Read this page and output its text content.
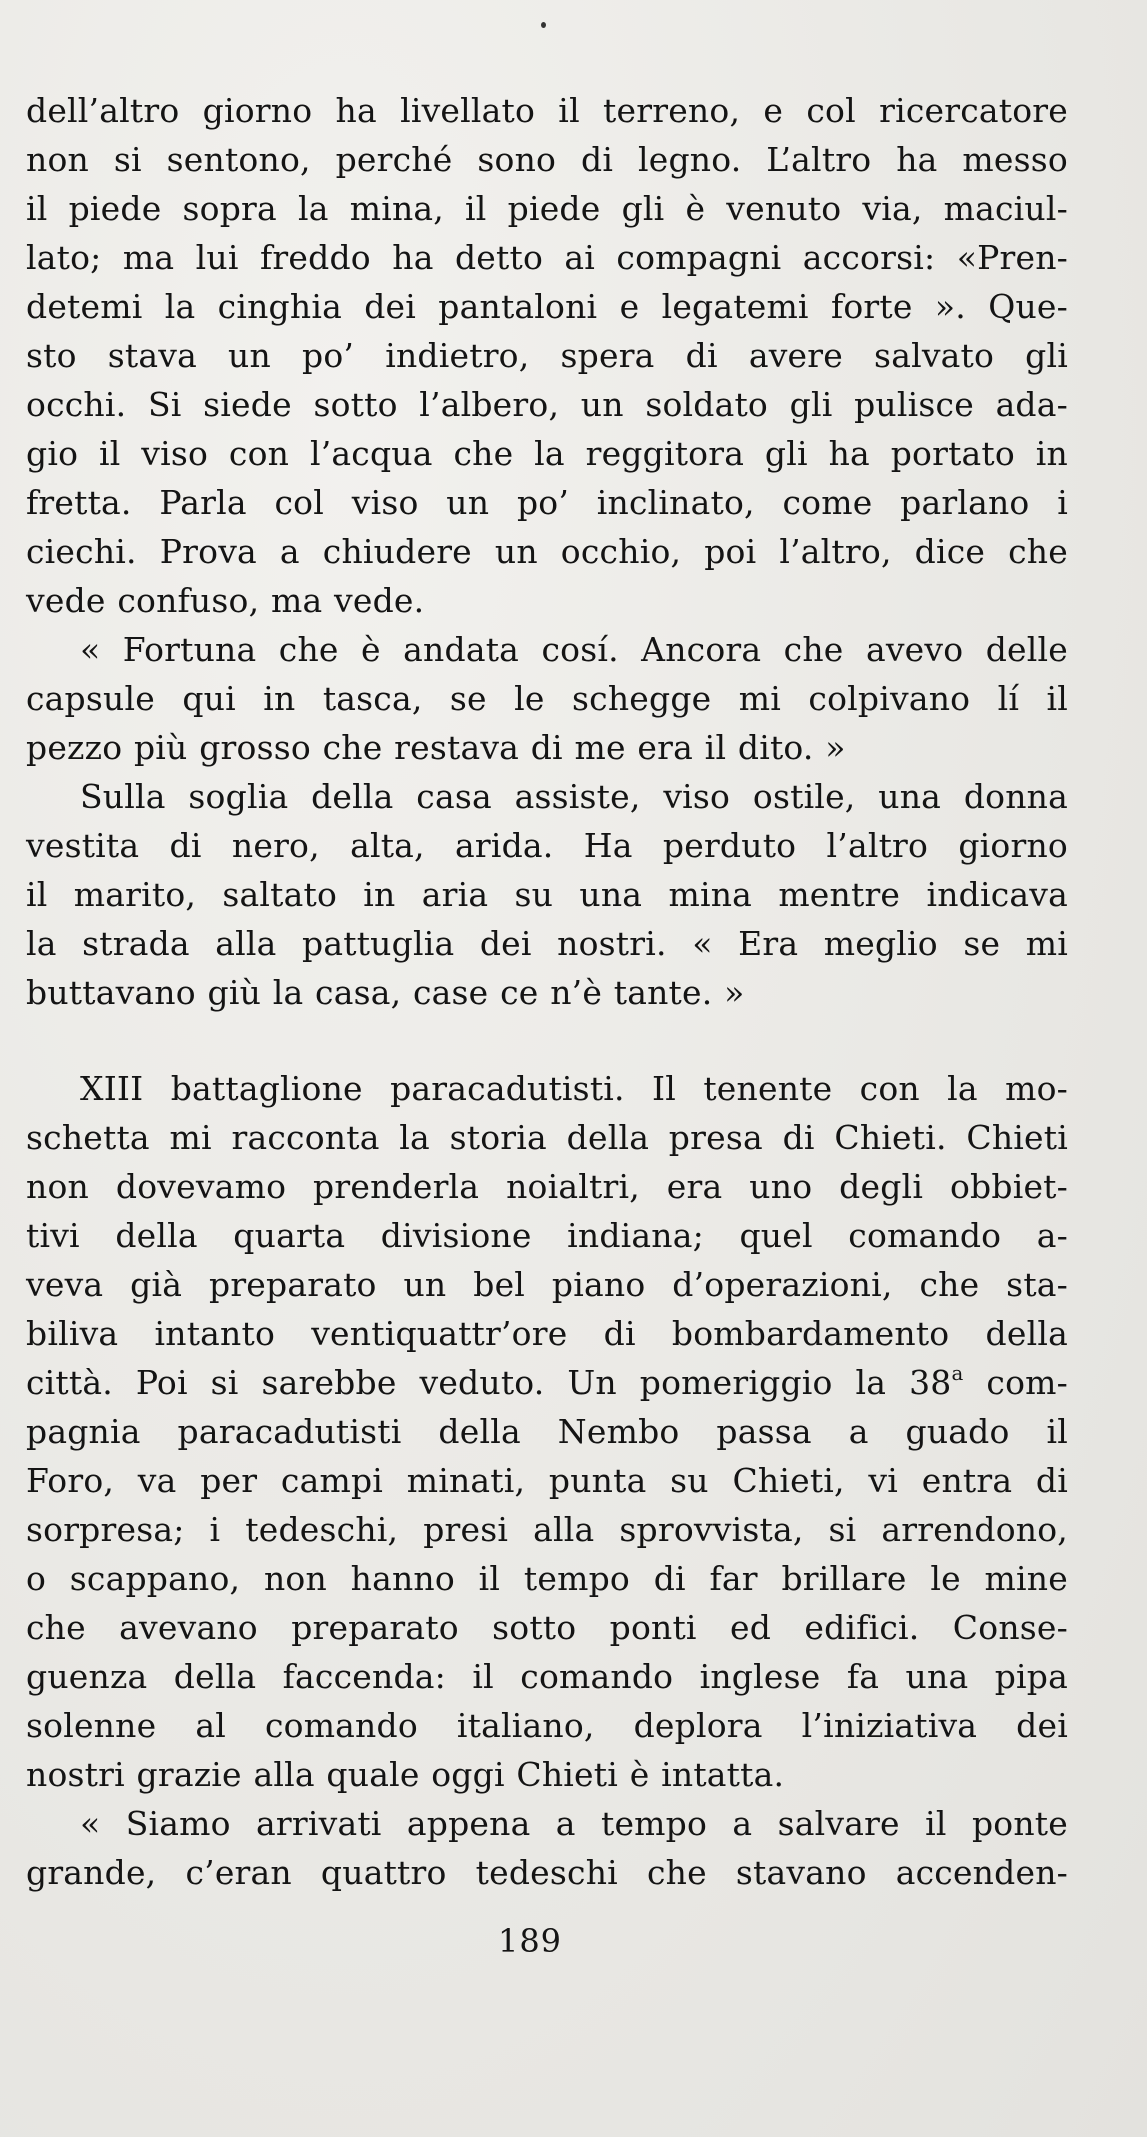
dell’altro giorno ha livellato il terreno, e col ricercatore
non si sentono, perché sono di legno. L’altro ha messo
il piede sopra la mina, il piede gli è venuto via, maciul-
lato; ma lui freddo ha detto ai compagni accorsi: «Pren-
detemi la cinghia dei pantaloni e legatemi forte ». Que-
sto stava un po’ indietro, spera di avere salvato gli
occhi. Si siede sotto l’albero, un soldato gli pulisce ada-
gio il viso con l’acqua che la reggitora gli ha portato in
fretta. Parla col viso un po’ inclinato, come parlano i
ciechi. Prova a chiudere un occhio, poi l’altro, dice che
vede confuso, ma vede.
« Fortuna che è andata cosí. Ancora che avevo delle
capsule qui in tasca, se le schegge mi colpivano lí il
pezzo più grosso che restava di me era il dito. »
Sulla soglia della casa assiste, viso ostile, una donna
vestita di nero, alta, arida. Ha perduto l’altro giorno
il marito, saltato in aria su una mina mentre indicava
la strada alla pattuglia dei nostri. « Era meglio se mi
buttavano giù la casa, case ce n’è tante. »
XIII battaglione paracadutisti. Il tenente con la mo-
schetta mi racconta la storia della presa di Chieti. Chieti
non dovevamo prenderla noialtri, era uno degli obbiet-
tivi della quarta divisione indiana; quel comando a-
veva già preparato un bel piano d’operazioni, che sta-
biliva intanto ventiquattr’ore di bombardamento della
città. Poi si sarebbe veduto. Un pomeriggio la 38$^a$ com-
pagnia paracadutisti della Nembo passa a guado il
Foro, va per campi minati, punta su Chieti, vi entra di
sorpresa; i tedeschi, presi alla sprovvista, si arrendono,
o scappano, non hanno il tempo di far brillare le mine
che avevano preparato sotto ponti ed edifici. Conse-
guenza della faccenda: il comando inglese fa una pipa
solenne al comando italiano, deplora l’iniziativa dei
nostri grazie alla quale oggi Chieti è intatta.
« Siamo arrivati appena a tempo a salvare il ponte
grande, c’eran quattro tedeschi che stavano accenden-
189
